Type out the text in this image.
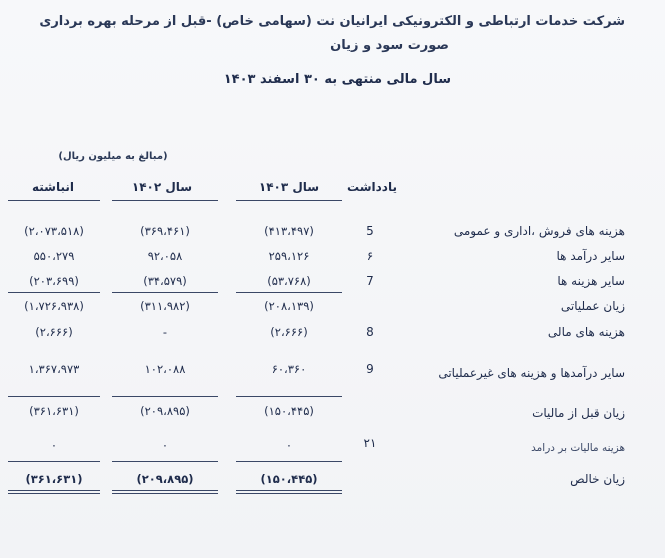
شرکت خدمات ارتباطی و الکترونیکی ایرانیان نت (سهامی خاص) -قبل از مرحله بهره برداری
صورت سود و زیان
سال مالی منتهی به ۳۰ اسفند ۱۴۰۳
(مبالغ به میلیون ریال)
یادداشت
سال ۱۴۰۳
سال ۱۴۰۲
انباشته
هزینه های فروش ،اداری و عمومی
5
(۴۱۳،۴۹۷)
(۳۶۹،۴۶۱)
(۲،۰۷۳،۵۱۸)
سایر درآمد ها
۶
۲۵۹،۱۲۶
۹۲،۰۵۸
۵۵۰،۲۷۹
سایر هزینه ها
7
(۵۳،۷۶۸)
(۳۴،۵۷۹)
(۲۰۳،۶۹۹)
زیان عملیاتی
(۲۰۸،۱۳۹)
(۳۱۱،۹۸۲)
(۱،۷۲۶،۹۳۸)
هزینه های مالی
8
(۲،۶۶۶)
-
(۲،۶۶۶)
سایر درآمدها و هزینه های غیرعملیاتی
9
۶۰،۳۶۰
۱۰۲،۰۸۸
۱،۳۶۷،۹۷۳
زیان قبل از مالیات
(۱۵۰،۴۴۵)
(۲۰۹،۸۹۵)
(۳۶۱،۶۳۱)
هزینه مالیات بر درامد
۲۱
۰
۰
۰
زیان خالص
(۱۵۰،۴۴۵)
(۲۰۹،۸۹۵)
(۳۶۱،۶۳۱)
